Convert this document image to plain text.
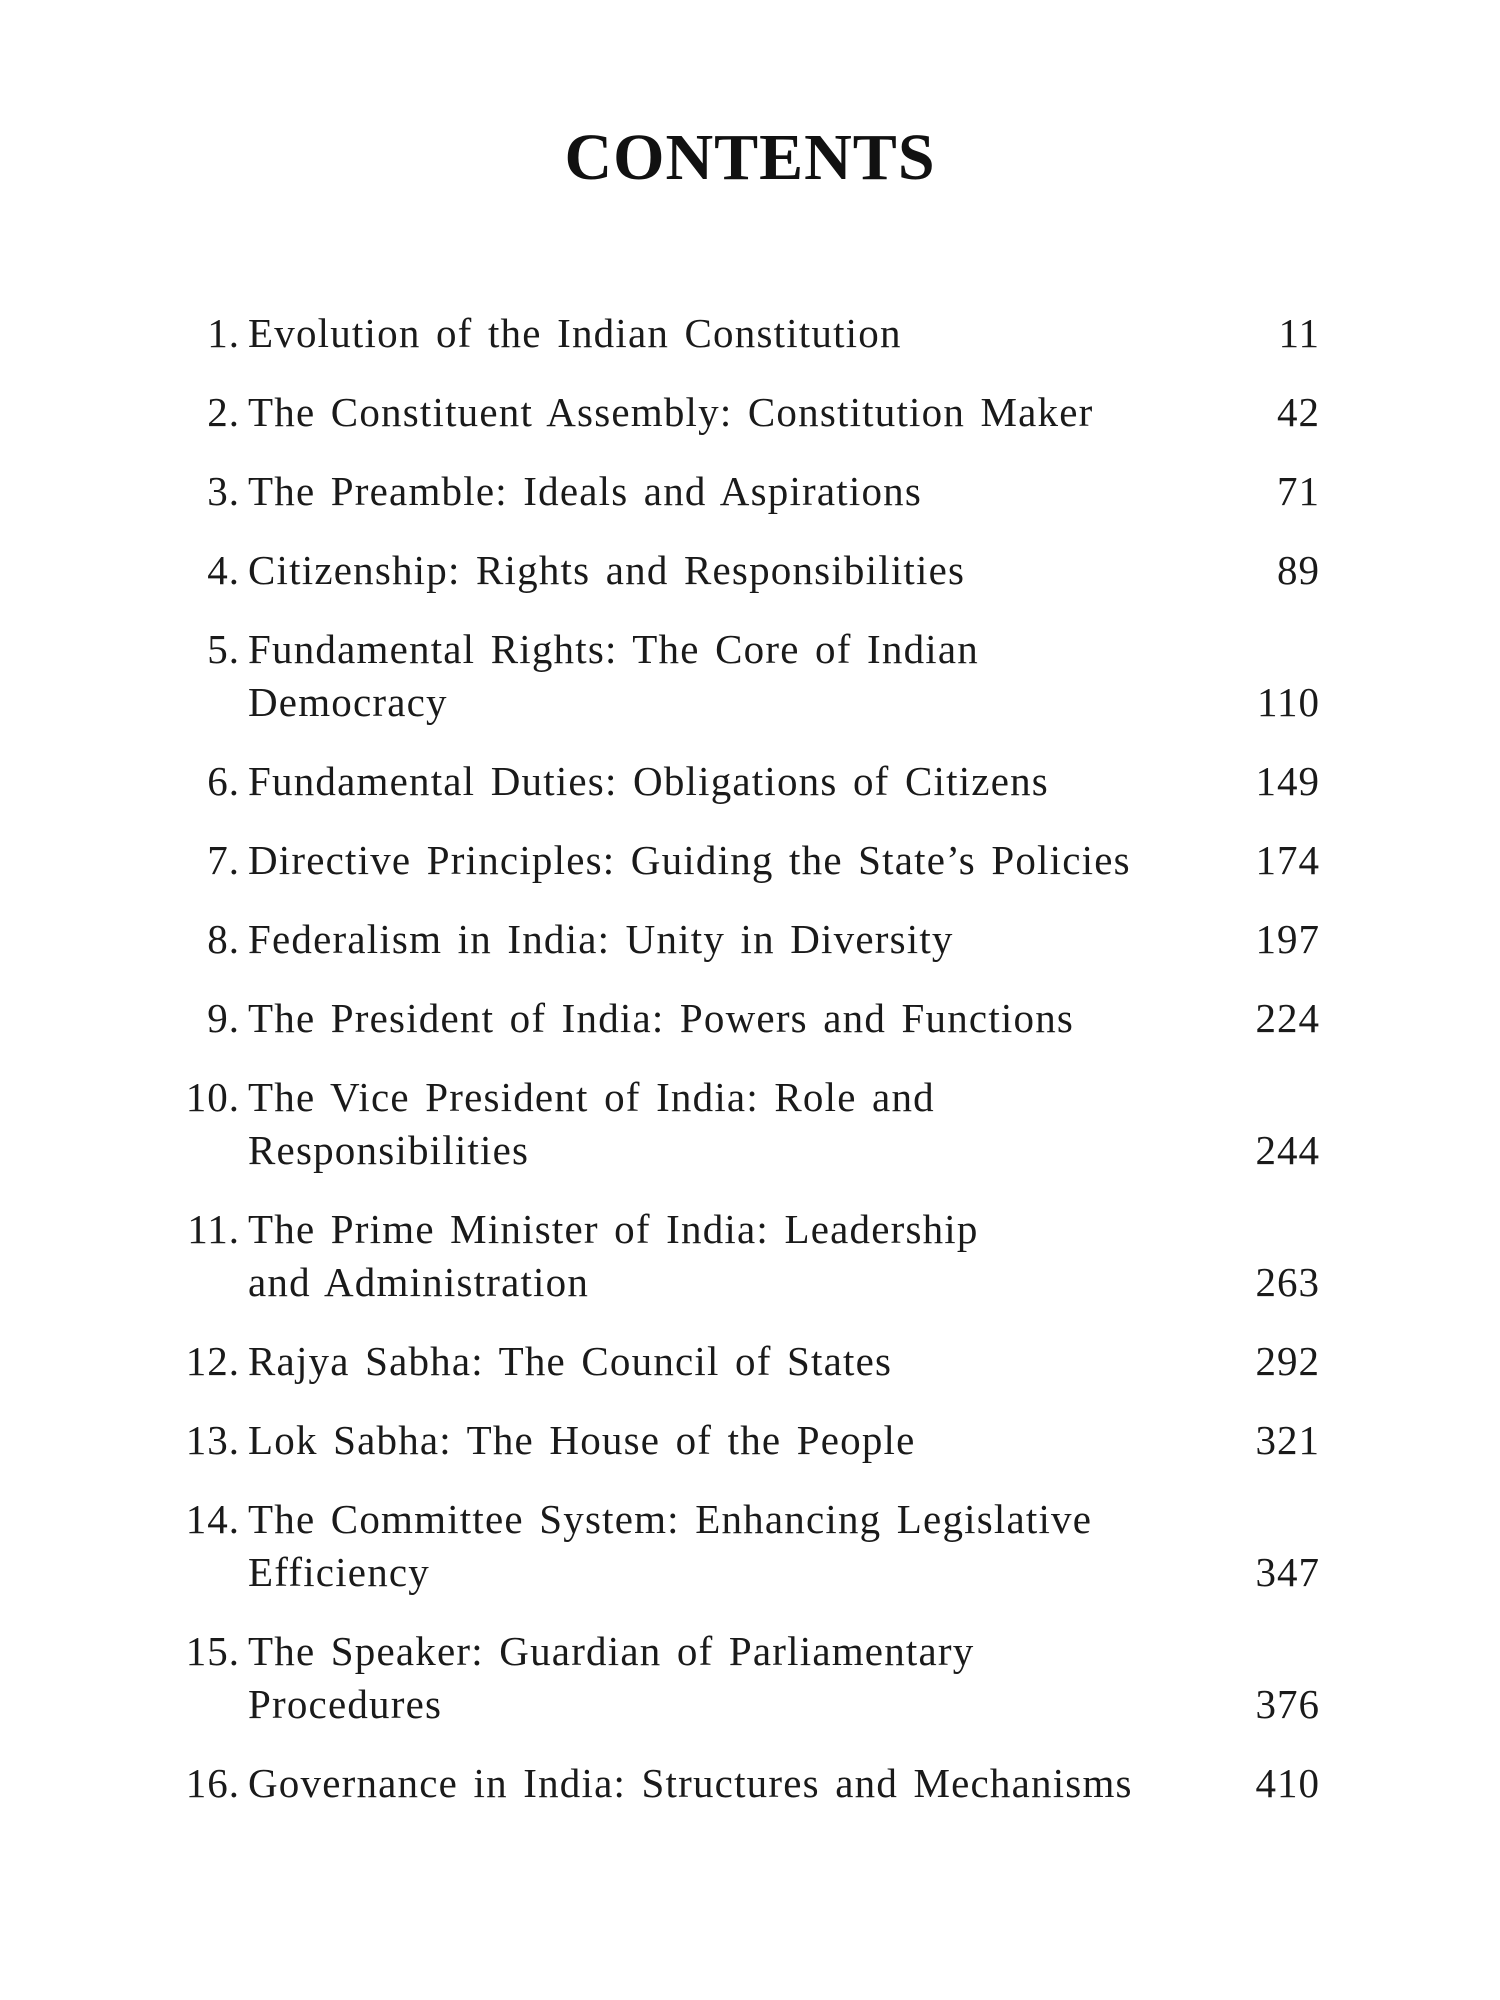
CONTENTS
1. Evolution of the Indian Constitution	11
2. The Constituent Assembly: Constitution Maker	42
3. The Preamble: Ideals and Aspirations	71
4. Citizenship: Rights and Responsibilities	89
5. Fundamental Rights: The Core of Indian
Democracy	110
6. Fundamental Duties: Obligations of Citizens	149
7. Directive Principles: Guiding the State’s Policies	174
8. Federalism in India: Unity in Diversity	197
9. The President of India: Powers and Functions	224
10. The Vice President of India: Role and
Responsibilities	244
11. The Prime Minister of India: Leadership
and Administration	263
12. Rajya Sabha: The Council of States	292
13. Lok Sabha: The House of the People	321
14. The Committee System: Enhancing Legislative
Efficiency	347
15. The Speaker: Guardian of Parliamentary
Procedures	376
16. Governance in India: Structures and Mechanisms	410
